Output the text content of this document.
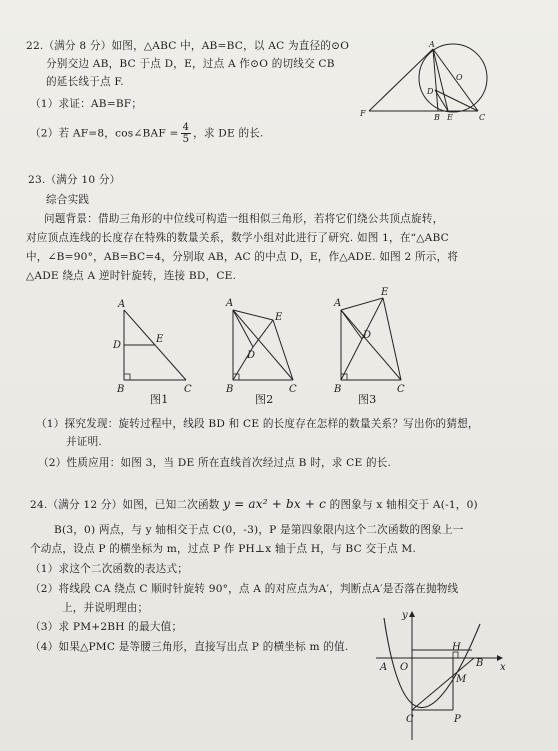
22.（满分 8 分）如图，△ABC 中，AB=BC，以 AC 为直径的⊙O
分别交边 AB，BC 于点 D，E，过点 A 作⊙O 的切线交 CB
的延长线于点 F.
（1）求证：AB=BF；
（2）若 AF=8，cos∠BAF = $\frac{4}{5}$ ，求 DE 的长.
A
O
D
F	B E	C
23.（满分 10 分）
综合实践
问题背景：借助三角形的中位线可构造一组相似三角形，若将它们绕公共顶点旋转，
对应顶点连线的长度存在特殊的数量关系，数学小组对此进行了研究. 如图 1，在“△ABC
中，∠B=90°，AB=BC=4，分别取 AB，AC 的中点 D，E，作△ADE. 如图 2 所示，将
△ADE 绕点 A 逆时针旋转，连接 BD，CE.
A
D
E
B	C
图1
A
E
D
B	C
图2
A
E
D
B	C
图3
（1）探究发现：旋转过程中，线段 BD 和 CE 的长度存在怎样的数量关系？写出你的猜想，
并证明.
（2）性质应用：如图 3，当 DE 所在直线首次经过点 B 时，求 CE 的长.
24.（满分 12 分）如图，已知二次函数 y = ax² + bx + c 的图象与 x 轴相交于 A(-1，0)
B(3，0) 两点，与 y 轴相交于点 C(0，-3)，P 是第四象限内这个二次函数的图象上一
个动点，设点 P 的横坐标为 m，过点 P 作 PH⊥x 轴于点 H，与 BC 交于点 M.
（1）求这个二次函数的表达式；
（2）将线段 CA 绕点 C 顺时针旋转 90°，点 A 的对应点为A′，判断点A′是否落在抛物线
上，并说明理由；
（3）求 PM+2BH 的最大值；
（4）如果△PMC 是等腰三角形，直接写出点 P 的横坐标 m 的值.
y
x
A O
H
B
M
C	P
